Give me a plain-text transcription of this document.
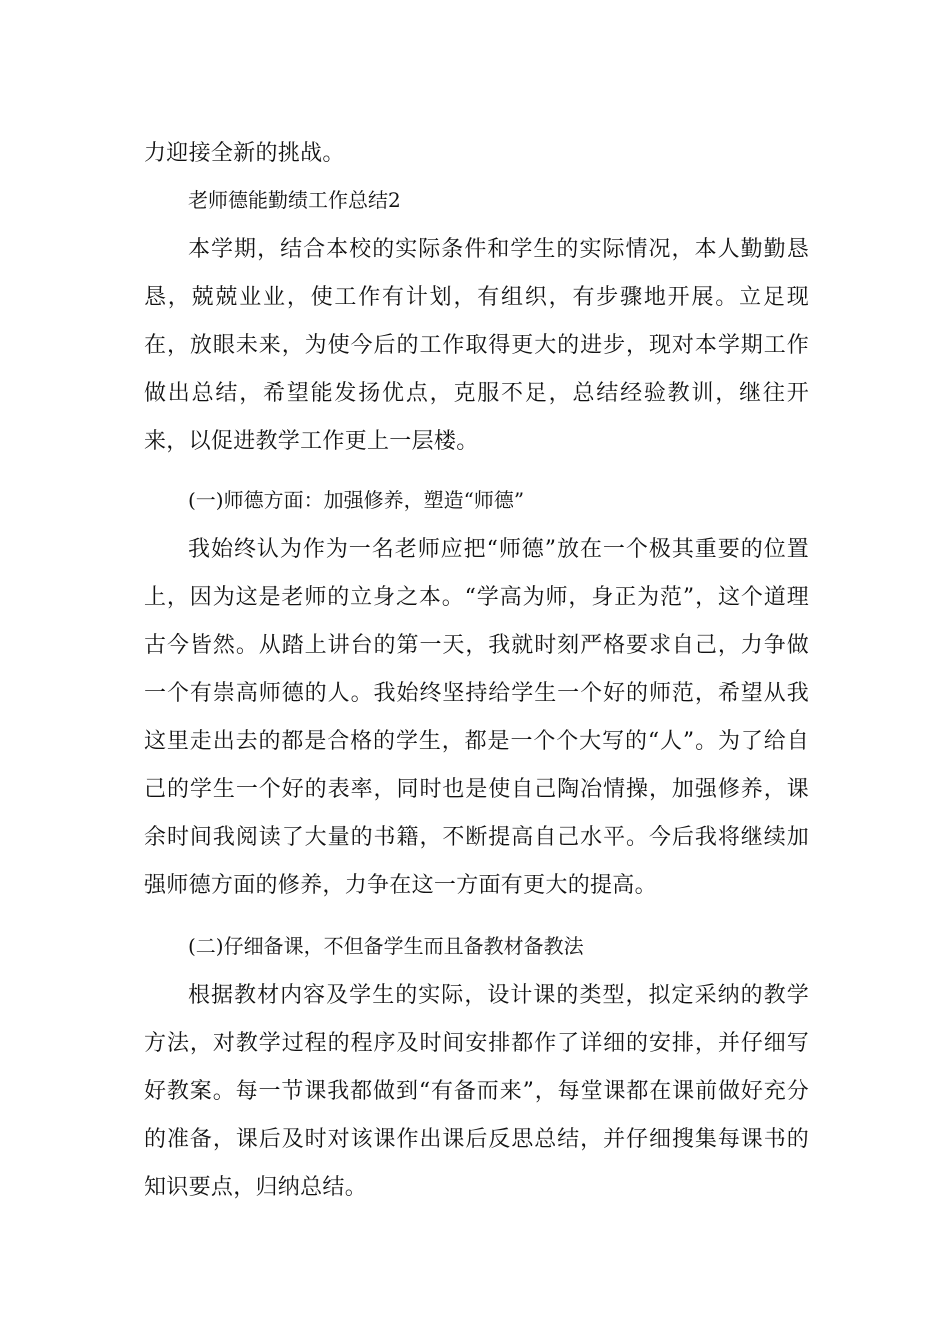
力迎接全新的挑战。

老师德能勤绩工作总结2

本学期，结合本校的实际条件和学生的实际情况，本人勤勤恳恳，兢兢业业，使工作有计划，有组织，有步骤地开展。立足现在，放眼未来，为使今后的工作取得更大的进步，现对本学期工作做出总结，希望能发扬优点，克服不足，总结经验教训，继往开来，以促进教学工作更上一层楼。

(一)师德方面：加强修养，塑造“师德”

我始终认为作为一名老师应把“师德”放在一个极其重要的位置上，因为这是老师的立身之本。“学高为师，身正为范”，这个道理古今皆然。从踏上讲台的第一天，我就时刻严格要求自己，力争做一个有崇高师德的人。我始终坚持给学生一个好的师范，希望从我这里走出去的都是合格的学生，都是一个个大写的“人”。为了给自己的学生一个好的表率，同时也是使自己陶冶情操，加强修养，课余时间我阅读了大量的书籍，不断提高自己水平。今后我将继续加强师德方面的修养，力争在这一方面有更大的提高。

(二)仔细备课，不但备学生而且备教材备教法

根据教材内容及学生的实际，设计课的类型，拟定采纳的教学方法，对教学过程的程序及时间安排都作了详细的安排，并仔细写好教案。每一节课我都做到“有备而来”，每堂课都在课前做好充分的准备，课后及时对该课作出课后反思总结，并仔细搜集每课书的知识要点，归纳总结。
